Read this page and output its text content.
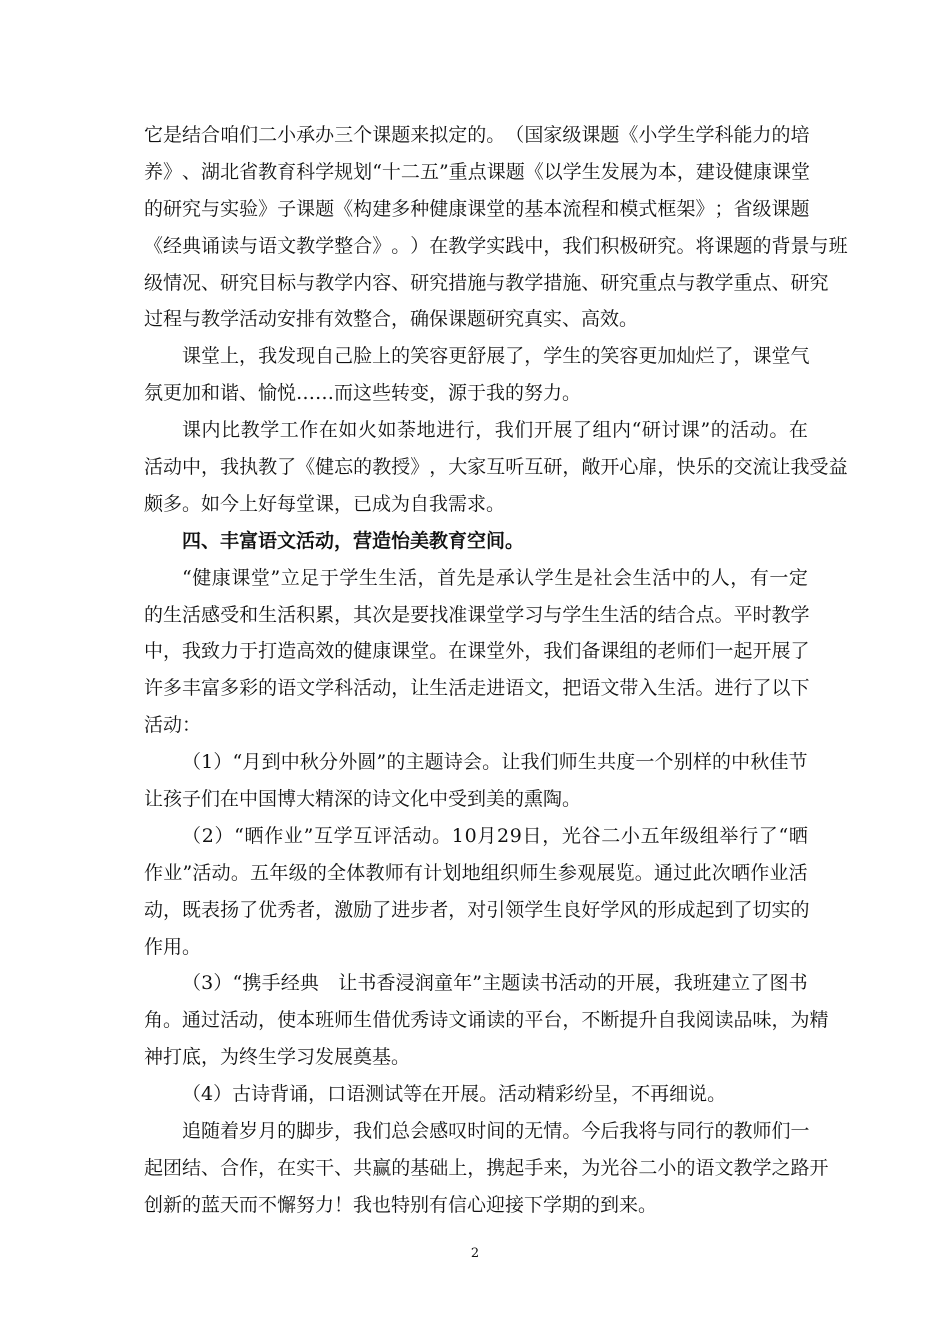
它 是 结 合 咱 们 二 小 承 办 三 个 课 题 来 拟 定 的 。 （ 国 家 级 课 题 《 小 学 生 学 科 能 力 的 培
养 》 、 湖 北 省 教 育 科 学 规 划 “ 十 二 五 ” 重 点 课 题 《 以 学 生 发 展 为 本 ， 建 设 健 康 课 堂
的 研 究 与 实 验 》 子 课 题 《 构 建 多 种 健 康 课 堂 的 基 本 流 程 和 模 式 框 架 》 ； 省 级 课 题
《 经 典 诵 读 与 语 文 教 学 整 合 》 。 ） 在 教 学 实 践 中 ， 我 们 积 极 研 究 。 将 课 题 的 背 景 与 班
级 情 况 、 研 究 目 标 与 教 学 内 容 、 研 究 措 施 与 教 学 措 施 、 研 究 重 点 与 教 学 重 点 、 研 究
过程与教学活动安排有效整合，确保课题研究真实、高效。
课 堂 上 ， 我 发 现 自 己 脸 上 的 笑 容 更 舒 展 了 ， 学 生 的 笑 容 更 加 灿 烂 了 ， 课 堂 气
氛更加和谐、愉悦……而这些转变，源于我的努力。
课 内 比 教 学 工 作 在 如 火 如 荼 地 进 行 ， 我 们 开 展 了 组 内 “ 研 讨 课 ” 的 活 动 。 在
活 动 中 ， 我 执 教 了 《 健 忘 的 教 授 》 ， 大 家 互 听 互 研 ， 敞 开 心 扉 ， 快 乐 的 交 流 让 我 受 益
颇多。如今上好每堂课，已成为自我需求。
四、丰富语文活动，营造怡美教育空间。
“ 健 康 课 堂 ” 立 足 于 学 生 生 活 ， 首 先 是 承 认 学 生 是 社 会 生 活 中 的 人 ， 有 一 定
的 生 活 感 受 和 生 活 积 累 ， 其 次 是 要 找 准 课 堂 学 习 与 学 生 生 活 的 结 合 点 。 平 时 教 学
中 ， 我 致 力 于 打 造 高 效 的 健 康 课 堂 。 在 课 堂 外 ， 我 们 备 课 组 的 老 师 们 一 起 开 展 了
许 多 丰 富 多 彩 的 语 文 学 科 活 动 ， 让 生 活 走 进 语 文 ， 把 语 文 带 入 生 活 。 进 行 了 以 下
活动：
（ 1 ） “ 月 到 中 秋 分 外 圆 ” 的 主 题 诗 会 。 让 我 们 师 生 共 度 一 个 别 样 的 中 秋 佳 节
让孩子们在中国博大精深的诗文化中受到美的熏陶。
（ 2 ） “ 晒 作 业 ” 互 学 互 评 活 动 。 1 0 月 2 9 日 ， 光 谷 二 小 五 年 级 组 举 行 了 “ 晒
作 业 ” 活 动 。 五 年 级 的 全 体 教 师 有 计 划 地 组 织 师 生 参 观 展 览 。 通 过 此 次 晒 作 业 活
动 ， 既 表 扬 了 优 秀 者 ， 激 励 了 进 步 者 ， 对 引 领 学 生 良 好 学 风 的 形 成 起 到 了 切 实 的
作用。
（ 3 ） “ 携 手 经 典
　 让 书 香 浸 润 童 年 ” 主 题 读 书 活 动 的 开 展 ， 我 班 建 立 了 图 书
角 。 通 过 活 动 ， 使 本 班 师 生 借 优 秀 诗 文 诵 读 的 平 台 ， 不 断 提 升 自 我 阅 读 品 味 ， 为 精
神打底，为终生学习发展奠基。
（4）古诗背诵，口语测试等在开展。活动精彩纷呈，不再细说。
追 随 着 岁 月 的 脚 步 ， 我 们 总 会 感 叹 时 间 的 无 情 。 今 后 我 将 与 同 行 的 教 师 们 一
起 团 结 、 合 作 ， 在 实 干 、 共 赢 的 基 础 上 ， 携 起 手 来 ， 为 光 谷 二 小 的 语 文 教 学 之 路 开
创新的蓝天而不懈努力！我也特别有信心迎接下学期的到来。
2
